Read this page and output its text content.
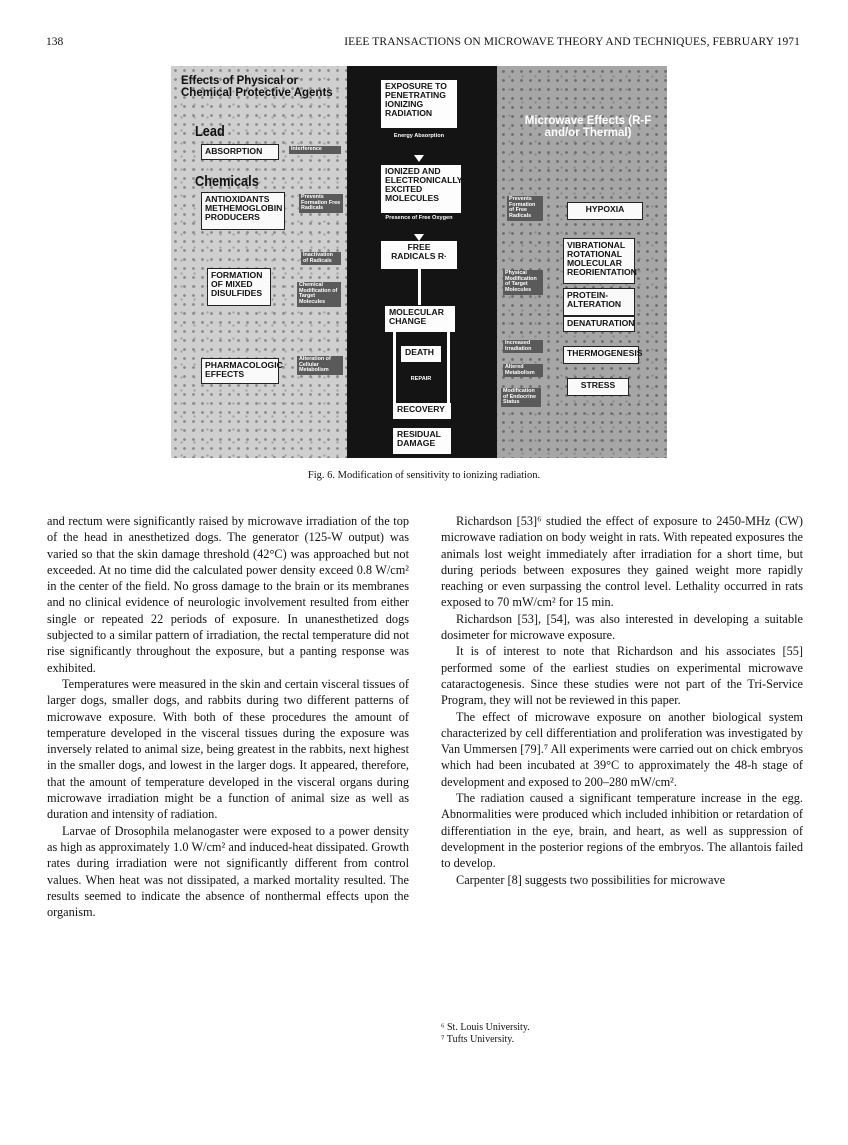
138	IEEE TRANSACTIONS ON MICROWAVE THEORY AND TECHNIQUES, FEBRUARY 1971
Effects of Physical or Chemical Protective Agents
Lead
ABSORPTION	Interference
Chemicals
ANTIOXIDANTS METHEMOGLOBIN PRODUCERS
Prevents Formation Free Radicals
Inactivation of Radicals
FORMATION OF MIXED DISULFIDES
Chemical Modification of Target Molecules
PHARMACOLOGIC EFFECTS
Alteration of Cellular Metabolism
EXPOSURE TO PENETRATING IONIZING RADIATION
Energy Absorption
IONIZED AND ELECTRONICALLY EXCITED MOLECULES
Presence of Free Oxygen
FREE RADICALS R·
MOLECULAR CHANGE
DEATH
REPAIR
RECOVERY
RESIDUAL DAMAGE
Microwave Effects (R-F and/or Thermal)
Prevents Formation of Free Radicals
HYPOXIA
VIBRATIONAL ROTATIONAL MOLECULAR REORIENTATION
Physical Modification of Target Molecules	PROTEIN-ALTERATION
DENATURATION
Increased Irradiation	THERMOGENESIS
Altered Metabolism
STRESS
Modification of Endocrine Status
Fig. 6. Modification of sensitivity to ionizing radiation.

and rectum were significantly raised by microwave irradiation of the top of the head in anesthetized dogs. The generator (125-W output) was varied so that the skin damage threshold (42°C) was approached but not exceeded. At no time did the calculated power density exceed 0.8 W/cm² in the center of the field. No gross damage to the brain or its membranes and no clinical evidence of neurologic involvement resulted from either single or repeated 22 periods of exposure. In unanesthetized dogs subjected to a similar pattern of irradiation, the rectal temperature did not rise significantly throughout the exposure, but a panting response was exhibited.

Temperatures were measured in the skin and certain visceral tissues of larger dogs, smaller dogs, and rabbits during two different patterns of microwave exposure. With both of these procedures the amount of temperature developed in the visceral tissues during the exposure was inversely related to animal size, being greatest in the rabbits, next highest in the smaller dogs, and lowest in the larger dogs. It appeared, therefore, that the amount of temperature developed in the visceral organs during microwave irradiation might be a function of animal size as well as duration and intensity of radiation.

Larvae of Drosophila melanogaster were exposed to a power density as high as approximately 1.0 W/cm² and induced-heat dissipated. Growth rates during irradiation were not significantly different from control values. When heat was not dissipated, a marked mortality resulted. The results seemed to indicate the absence of nonthermal effects upon the organism.

Richardson [53]⁶ studied the effect of exposure to 2450-MHz (CW) microwave radiation on body weight in rats. With repeated exposures the animals lost weight immediately after irradiation for a short time, but during periods between exposures they gained weight more rapidly reaching or even surpassing the control level. Lethality occurred in rats exposed to 70 mW/cm² for 15 min.

Richardson [53], [54], was also interested in developing a suitable dosimeter for microwave exposure.

It is of interest to note that Richardson and his associates [55] performed some of the earliest studies on experimental microwave cataractogenesis. Since these studies were not part of the Tri-Service Program, they will not be reviewed in this paper.

The effect of microwave exposure on another biological system characterized by cell differentiation and proliferation was investigated by Van Ummersen [79].⁷ All experiments were carried out on chick embryos which had been incubated at 39°C to approximately the 48-h stage of development and exposed to 200–280 mW/cm².

The radiation caused a significant temperature increase in the egg. Abnormalities were produced which included inhibition or retardation of differentiation in the eye, brain, and heart, as well as suppression of development in the posterior regions of the embryos. The allantois failed to develop.

Carpenter [8] suggests two possibilities for microwave

⁶ St. Louis University.
⁷ Tufts University.
